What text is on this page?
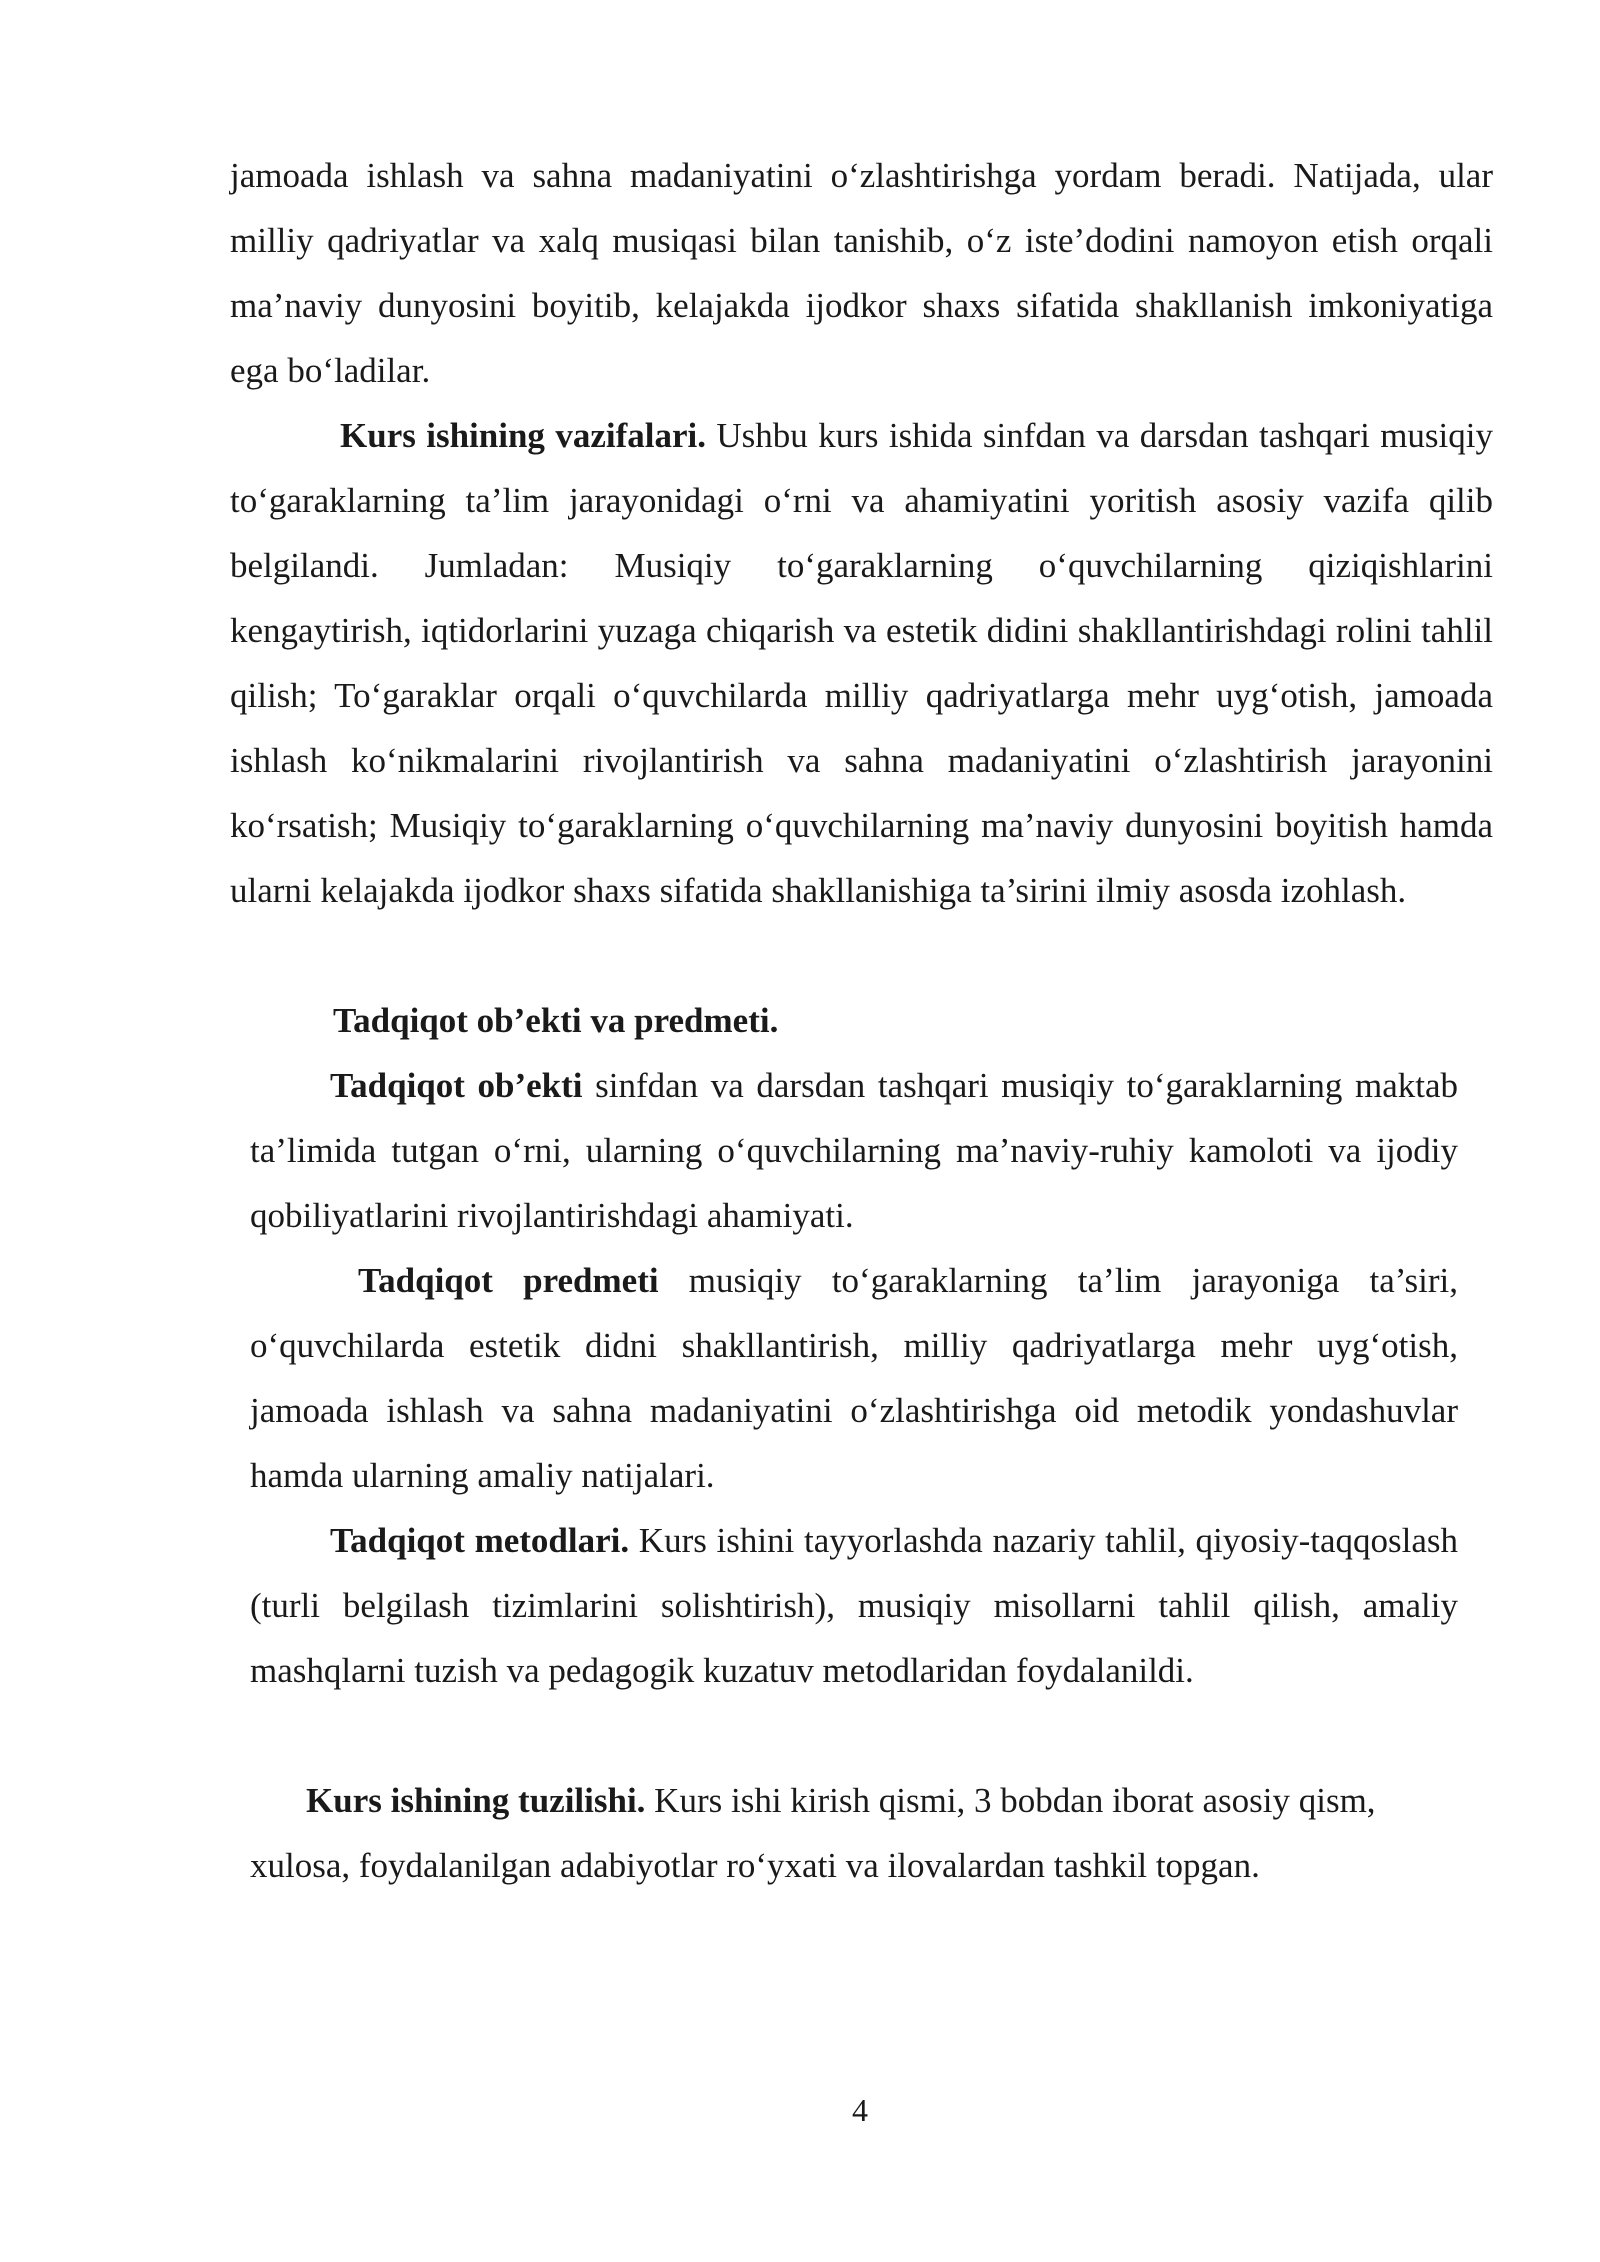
jamoada ishlash va sahna madaniyatini o‘zlashtirishga yordam beradi. Natijada, ular milliy qadriyatlar va xalq musiqasi bilan tanishib, o‘z iste’dodini namoyon etish orqali ma’naviy dunyosini boyitib, kelajakda ijodkor shaxs sifatida shakllanish imkoniyatiga ega bo‘ladilar.

Kurs ishining vazifalari. Ushbu kurs ishida sinfdan va darsdan tashqari musiqiy to‘garaklarning ta’lim jarayonidagi o‘rni va ahamiyatini yoritish asosiy vazifa qilib belgilandi. Jumladan: Musiqiy to‘garaklarning o‘quvchilarning qiziqishlarini kengaytirish, iqtidorlarini yuzaga chiqarish va estetik didini shakllantirishdagi rolini tahlil qilish; To‘garaklar orqali o‘quvchilarda milliy qadriyatlarga mehr uyg‘otish, jamoada ishlash ko‘nikmalarini rivojlantirish va sahna madaniyatini o‘zlashtirish jarayonini ko‘rsatish; Musiqiy to‘garaklarning o‘quvchilarning ma’naviy dunyosini boyitish hamda ularni kelajakda ijodkor shaxs sifatida shakllanishiga ta’sirini ilmiy asosda izohlash.

Tadqiqot ob’ekti va predmeti.

Tadqiqot ob’ekti sinfdan va darsdan tashqari musiqiy to‘garaklarning maktab ta’limida tutgan o‘rni, ularning o‘quvchilarning ma’naviy-ruhiy kamoloti va ijodiy qobiliyatlarini rivojlantirishdagi ahamiyati.

Tadqiqot predmeti musiqiy to‘garaklarning ta’lim jarayoniga ta’siri, o‘quvchilarda estetik didni shakllantirish, milliy qadriyatlarga mehr uyg‘otish, jamoada ishlash va sahna madaniyatini o‘zlashtirishga oid metodik yondashuvlar hamda ularning amaliy natijalari.

Tadqiqot metodlari. Kurs ishini tayyorlashda nazariy tahlil, qiyosiy-taqqoslash (turli belgilash tizimlarini solishtirish), musiqiy misollarni tahlil qilish, amaliy mashqlarni tuzish va pedagogik kuzatuv metodlaridan foydalanildi.

Kurs ishining tuzilishi. Kurs ishi kirish qismi, 3 bobdan iborat asosiy qism, xulosa, foydalanilgan adabiyotlar ro‘yxati va ilovalardan tashkil topgan.

4
